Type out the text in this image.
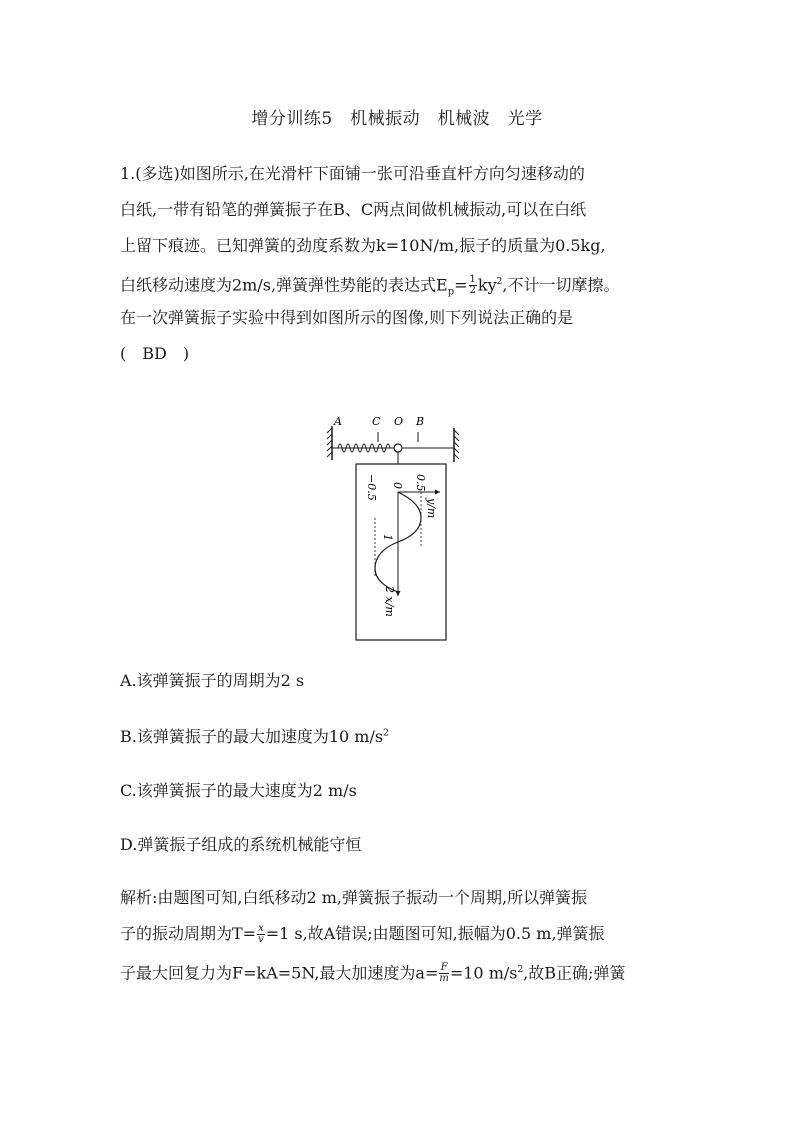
增分训练5　机械振动　机械波　光学
1.(多选)如图所示,在光滑杆下面铺一张可沿垂直杆方向匀速移动的
白纸,一带有铅笔的弹簧振子在B、C两点间做机械振动,可以在白纸
上留下痕迹。已知弹簧的劲度系数为k=10N/m,振子的质量为0.5kg,
白纸移动速度为2m/s,弹簧弹性势能的表达式$E_p= \frac{1}{2} ky^2$,不计一切摩擦。
在一次弹簧振子实验中得到如图所示的图像,则下列说法正确的是
(　BD　)
A	C O B
−0.5 0 0.5
y/m
1
2 x/m
A.该弹簧振子的周期为2 s
B.该弹簧振子的最大加速度为10 $m/s^2$
C.该弹簧振子的最大速度为2 m/s
D.弹簧振子组成的系统机械能守恒
解析:由题图可知,白纸移动2 m,弹簧振子振动一个周期,所以弹簧振
子的振动周期为$T= \frac{x}{v} =1$ s,故A错误;由题图可知,振幅为0.5 m,弹簧振
子最大回复力为F=kA=5N,最大加速度为$a= \frac{F}{m} =10$ $m/s^2$,故B正确;弹簧
